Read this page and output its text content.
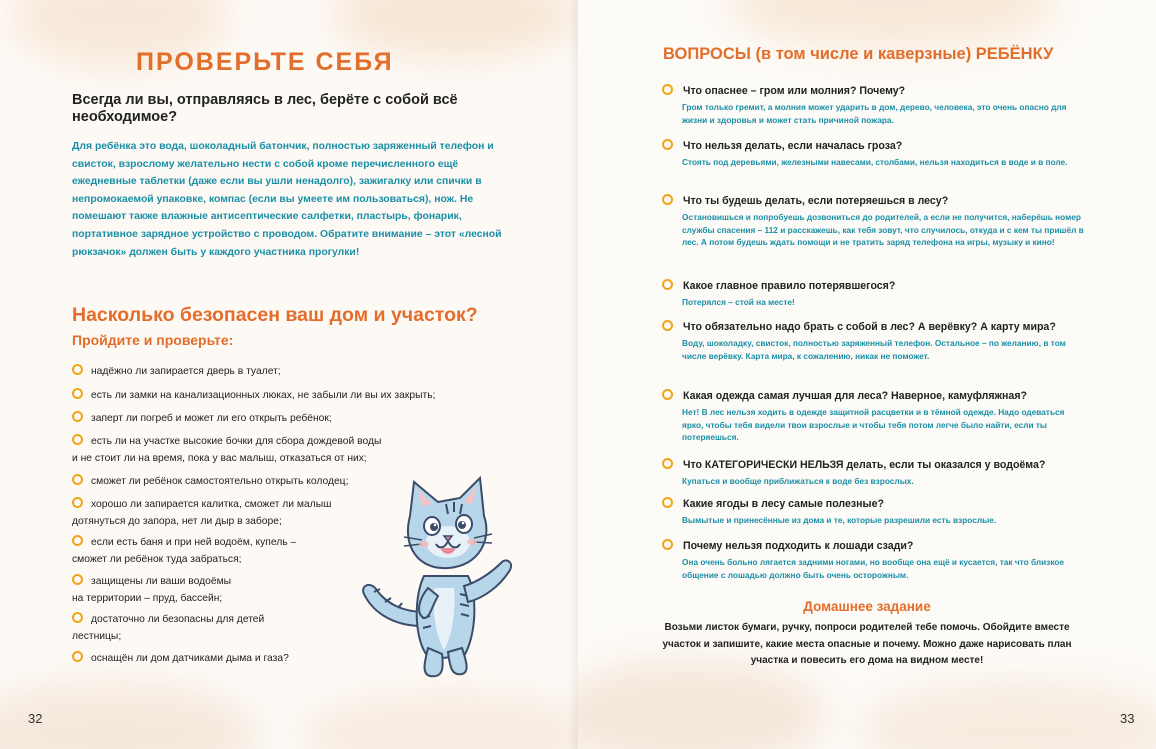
ПРОВЕРЬТЕ СЕБЯ

Всегда ли вы, отправляясь в лес, берёте с собой всё необходимое?

Для ребёнка это вода, шоколадный батончик, полностью заряженный телефон и свисток, взрослому желательно нести с собой кроме перечисленного ещё ежедневные таблетки (даже если вы ушли ненадолго), зажигалку или спички в непромокаемой упаковке, компас (если вы умеете им пользоваться), нож. Не помешают также влажные антисептические салфетки, пластырь, фонарик, портативное зарядное устройство с проводом. Обратите внимание – этот «лесной рюкзачок» должен быть у каждого участника прогулки!

Насколько безопасен ваш дом и участок?
Пройдите и проверьте:

надёжно ли запирается дверь в туалет;

есть ли замки на канализационных люках, не забыли ли вы их закрыть;

заперт ли погреб и может ли его открыть ребёнок;

есть ли на участке высокие бочки для сбора дождевой воды
и не стоит ли на время, пока у вас малыш, отказаться от них;

сможет ли ребёнок самостоятельно открыть колодец;

хорошо ли запирается калитка, сможет ли малыш
дотянуться до запора, нет ли дыр в заборе;

если есть баня и при ней водоём, купель –
сможет ли ребёнок туда забраться;

защищены ли ваши водоёмы
на территории – пруд, бассейн;

достаточно ли безопасны для детей
лестницы;

оснащён ли дом датчиками дыма и газа?

32

ВОПРОСЫ (в том числе и каверзные) РЕБЁНКУ

Что опаснее – гром или молния? Почему?

Гром только гремит, а молния может ударить в дом, дерево, человека, это очень опасно для жизни и здоровья и может стать причиной пожара.

Что нельзя делать, если началась гроза?

Стоять под деревьями, железными навесами, столбами, нельзя находиться в воде и в поле.

Что ты будешь делать, если потеряешься в лесу?

Остановишься и попробуешь дозвониться до родителей, а если не получится, наберёшь номер службы спасения – 112 и расскажешь, как тебя зовут, что случилось, откуда и с кем ты пришёл в лес. А потом будешь ждать помощи и не тратить заряд телефона на игры, музыку и кино!

Какое главное правило потерявшегося?

Потерялся – стой на месте!

Что обязательно надо брать с собой в лес? А верёвку? А карту мира?

Воду, шоколадку, свисток, полностью заряженный телефон. Остальное – по желанию, в том числе верёвку. Карта мира, к сожалению, никак не поможет.

Какая одежда самая лучшая для леса? Наверное, камуфляжная?

Нет! В лес нельзя ходить в одежде защитной расцветки и в тёмной одежде. Надо одеваться ярко, чтобы тебя видели твои взрослые и чтобы тебя потом легче было найти, если ты потеряешься.

Что КАТЕГОРИЧЕСКИ НЕЛЬЗЯ делать, если ты оказался у водоёма?

Купаться и вообще приближаться к воде без взрослых.

Какие ягоды в лесу самые полезные?

Вымытые и принесённые из дома и те, которые разрешили есть взрослые.

Почему нельзя подходить к лошади сзади?

Она очень больно лягается задними ногами, но вообще она ещё и кусается, так что близкое общение с лошадью должно быть очень осторожным.

Домашнее задание

Возьми листок бумаги, ручку, попроси родителей тебе помочь. Обойдите вместе участок и запишите, какие места опасные и почему. Можно даже нарисовать план участка и повесить его дома на видном месте!

33
